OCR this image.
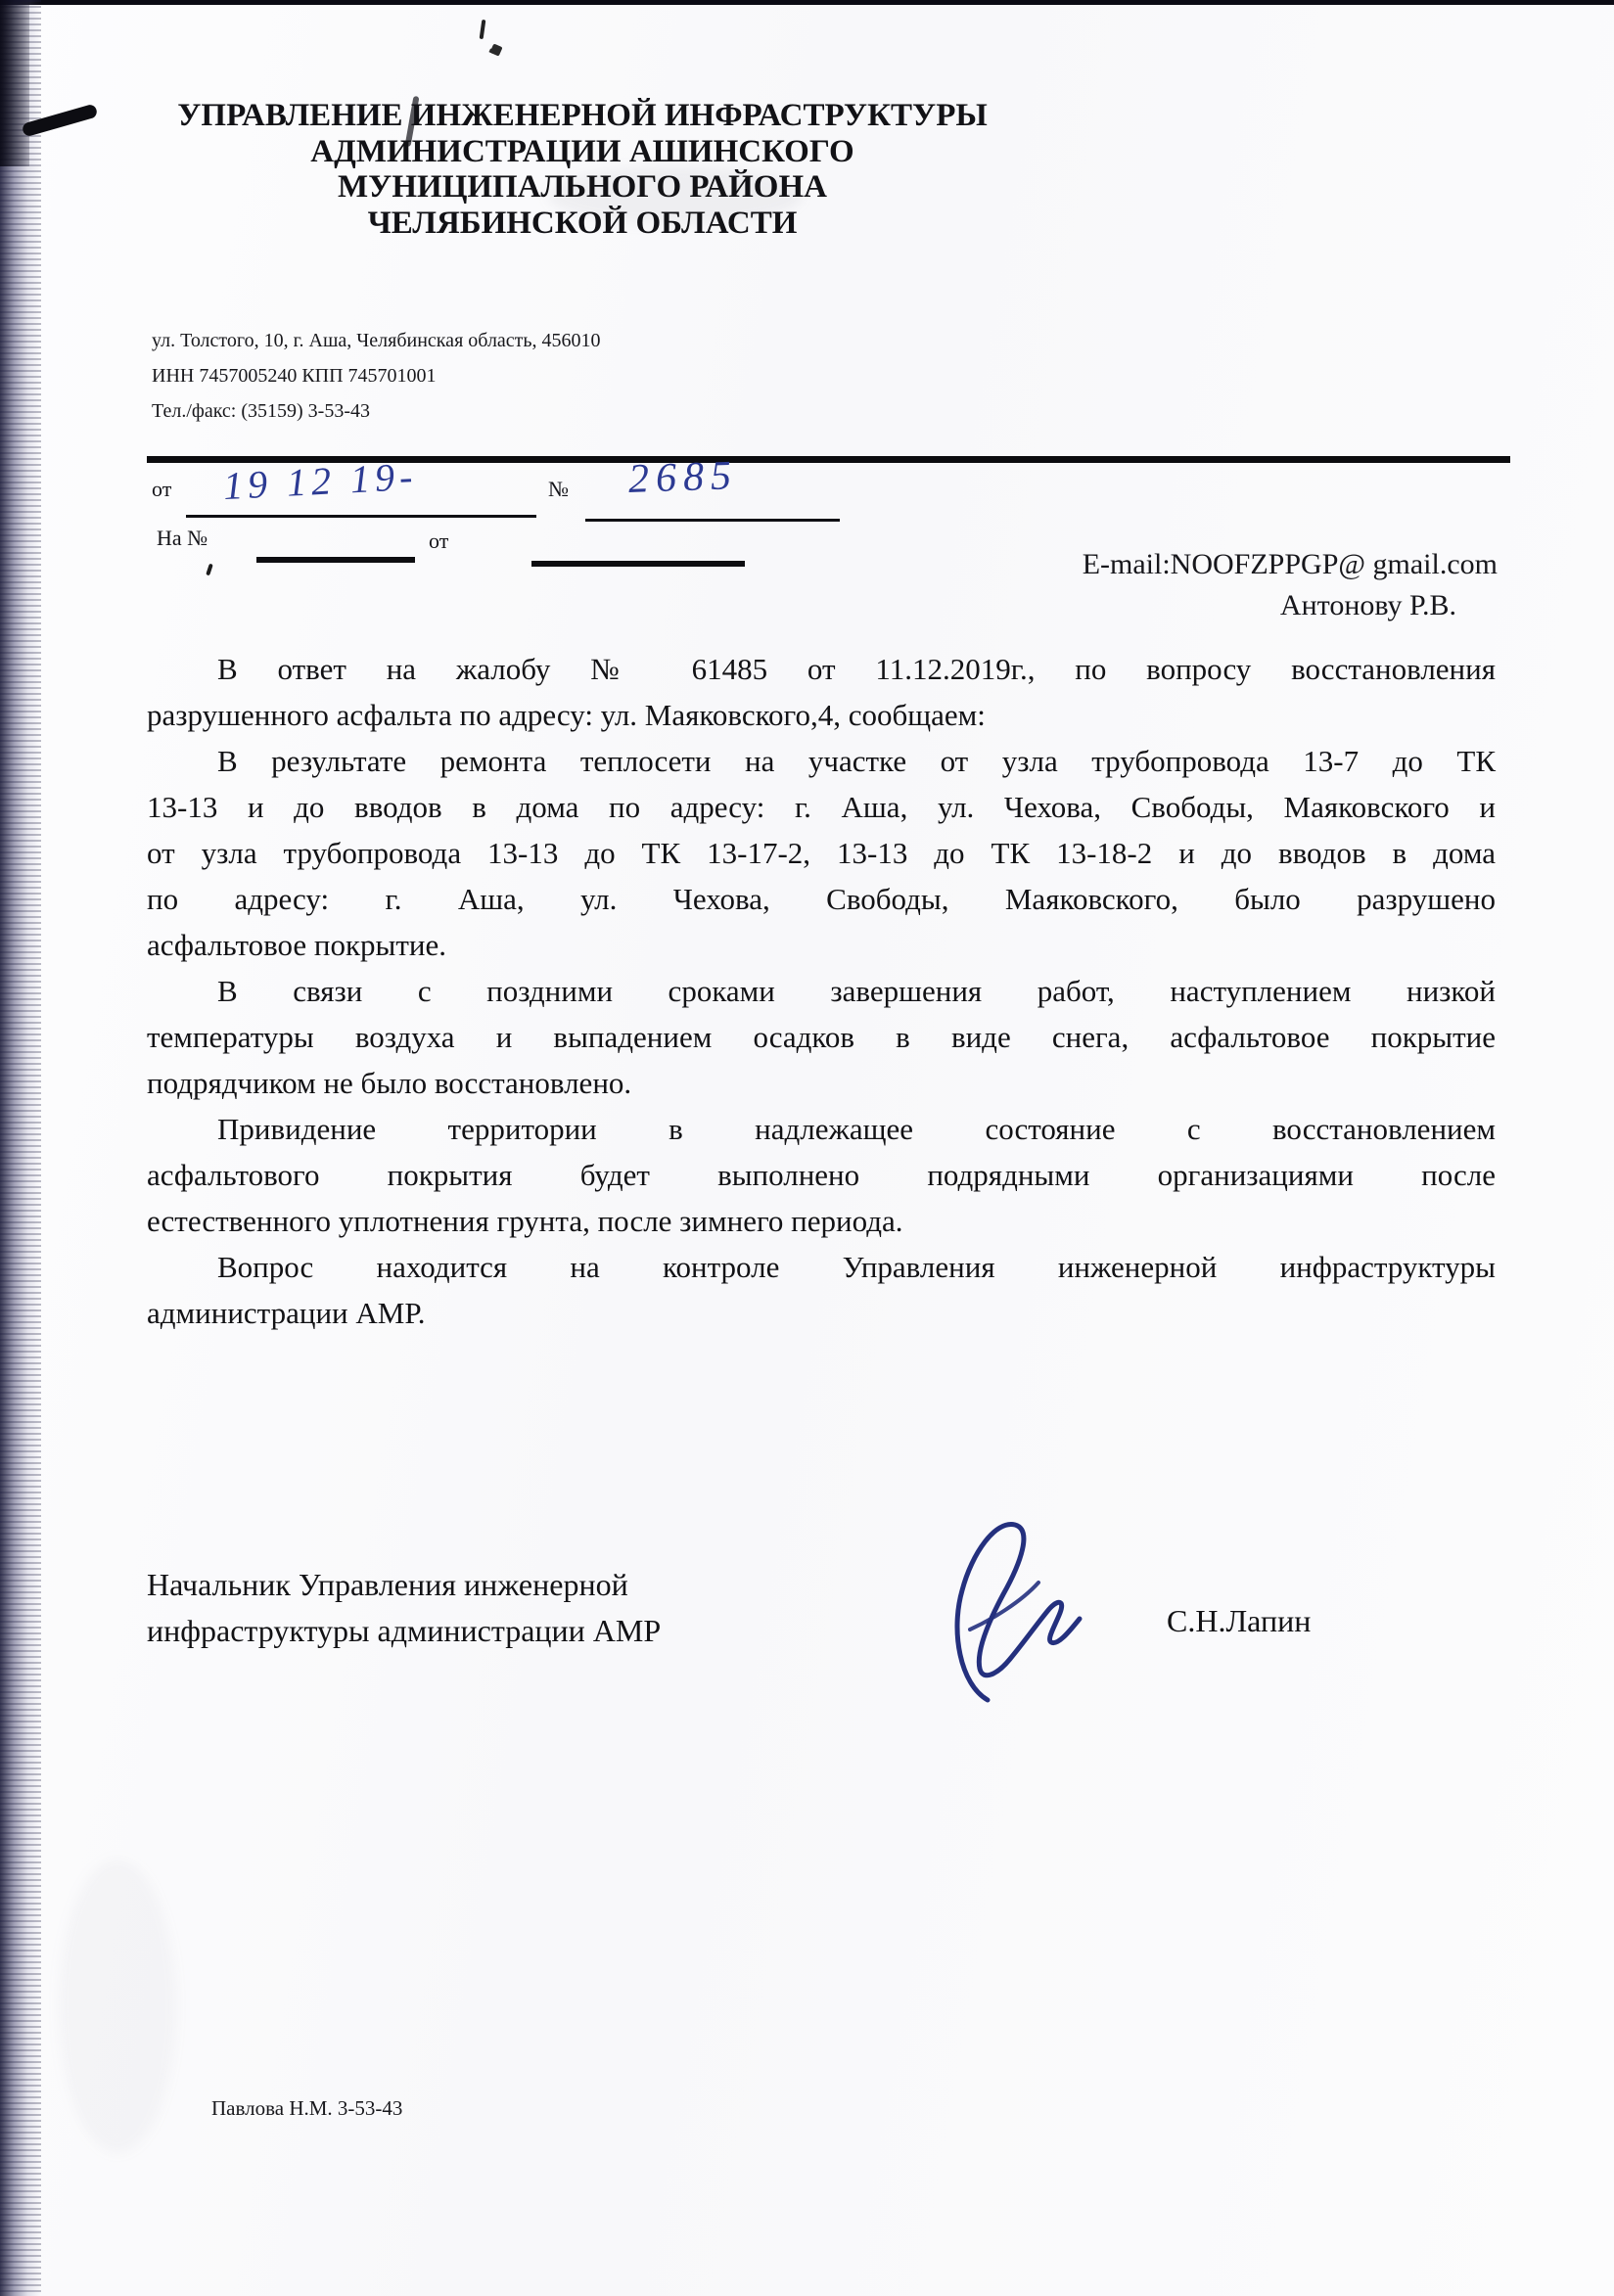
УПРАВЛЕНИЕ ИНЖЕНЕРНОЙ ИНФРАСТРУКТУРЫ
АДМИНИСТРАЦИИ АШИНСКОГО МУНИЦИПАЛЬНОГО РАЙОНА
ЧЕЛЯБИНСКОЙ ОБЛАСТИ
ул. Толстого, 10, г. Аша, Челябинская область, 456010
ИНН 7457005240 КПП 745701001
Тел./факс: (35159) 3-53-43
от 19 12 19-	№ 2685
На №	от
E-mail:NOOFZPPGP@ gmail.com
Антонову Р.В.
В ответ на жалобу № 61485 от 11.12.2019г., по вопросу восстановления
разрушенного асфальта по адресу: ул. Маяковского,4, сообщаем:
В результате ремонта теплосети на участке от узла трубопровода 13-7 до ТК
13-13 и до вводов в дома по адресу: г. Аша, ул. Чехова, Свободы, Маяковского и
от узла трубопровода 13-13 до ТК 13-17-2, 13-13 до ТК 13-18-2 и до вводов в дома
по адресу: г. Аша, ул. Чехова, Свободы, Маяковского, было разрушено
асфальтовое покрытие.
В связи с поздними сроками завершения работ, наступлением низкой
температуры воздуха и выпадением осадков в виде снега, асфальтовое покрытие
подрядчиком не было восстановлено.
Привидение территории в надлежащее состояние с восстановлением
асфальтового покрытия будет выполнено подрядными организациями после
естественного уплотнения грунта, после зимнего периода.
Вопрос находится на контроле Управления инженерной инфраструктуры
администрации АМР.
Начальник Управления инженерной
инфраструктуры администрации АМР	С.Н.Лапин
Павлова Н.М. 3-53-43
